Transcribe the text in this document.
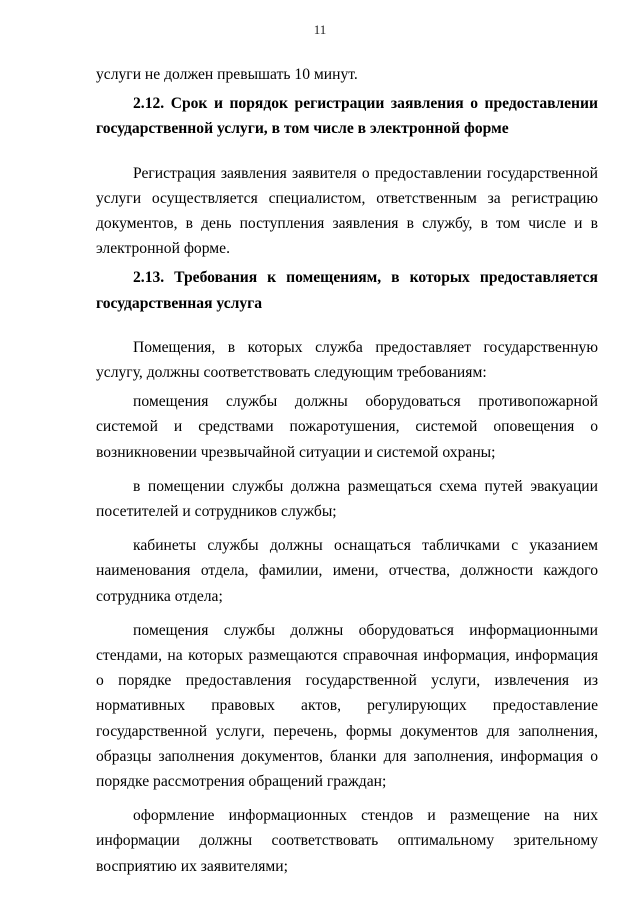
11

услуги не должен превышать 10 минут.

2.12. Срок и порядок регистрации заявления о предоставлении государственной услуги, в том числе в электронной форме

Регистрация заявления заявителя о предоставлении государственной услуги осуществляется специалистом, ответственным за регистрацию документов, в день поступления заявления в службу, в том числе и в электронной форме.

2.13. Требования к помещениям, в которых предоставляется государственная услуга

Помещения, в которых служба предоставляет государственную услугу, должны соответствовать следующим требованиям:

помещения службы должны оборудоваться противопожарной системой и средствами пожаротушения, системой оповещения о возникновении чрезвычайной ситуации и системой охраны;

в помещении службы должна размещаться схема путей эвакуации посетителей и сотрудников службы;

кабинеты службы должны оснащаться табличками с указанием наименования отдела, фамилии, имени, отчества, должности каждого сотрудника отдела;

помещения службы должны оборудоваться информационными стендами, на которых размещаются справочная информация, информация о порядке предоставления государственной услуги, извлечения из нормативных правовых актов, регулирующих предоставление государственной услуги, перечень, формы документов для заполнения, образцы заполнения документов, бланки для заполнения, информация о порядке рассмотрения обращений граждан;

оформление информационных стендов и размещение на них информации должны соответствовать оптимальному зрительному восприятию их заявителями;
